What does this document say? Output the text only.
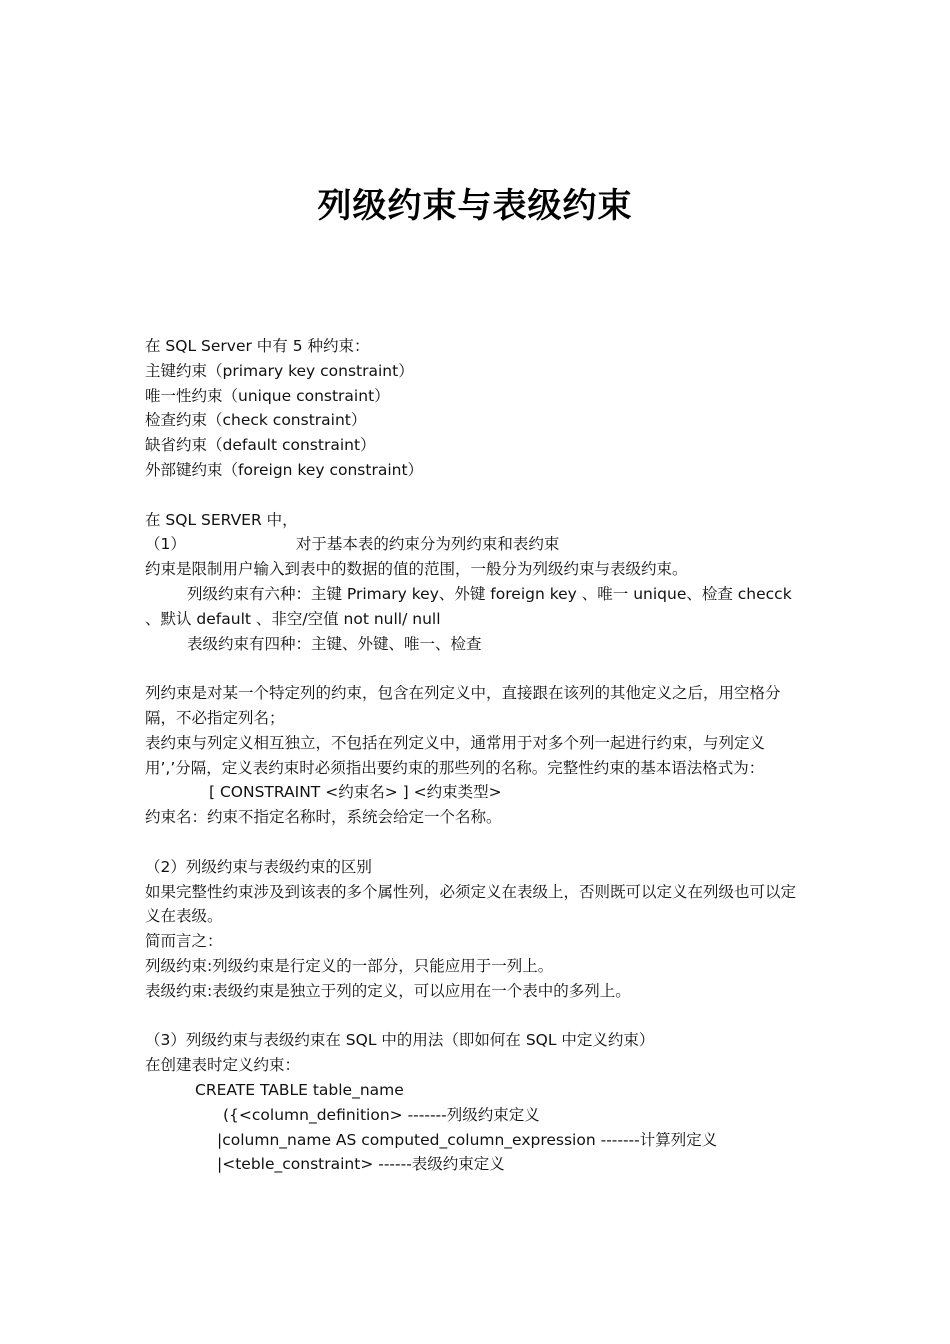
列级约束与表级约束

在 SQL Server 中有 5 种约束：

主键约束（primary key constraint）

唯一性约束（unique constraint）

检查约束（check constraint）

缺省约束（default constraint）

外部键约束（foreign key constraint）

在 SQL SERVER 中，

（1）	对于基本表的约束分为列约束和表约束

约束是限制用户输入到表中的数据的值的范围，一般分为列级约束与表级约束。

列级约束有六种：主键 Primary key、外键 foreign key 、唯一 unique、检查 checck

、默认 default 、非空/空值 not null/ null

表级约束有四种：主键、外键、唯一、检查

列约束是对某一个特定列的约束，包含在列定义中，直接跟在该列的其他定义之后，用空格分隔，不必指定列名；

表约束与列定义相互独立，不包括在列定义中，通常用于对多个列一起进行约束，与列定义用’,’分隔，定义表约束时必须指出要约束的那些列的名称。完整性约束的基本语法格式为：

[ CONSTRAINT <约束名> ] <约束类型>

约束名：约束不指定名称时，系统会给定一个名称。

（2）列级约束与表级约束的区别

如果完整性约束涉及到该表的多个属性列，必须定义在表级上，否则既可以定义在列级也可以定义在表级。

简而言之：

列级约束:列级约束是行定义的一部分，只能应用于一列上。

表级约束:表级约束是独立于列的定义，可以应用在一个表中的多列上。

（3）列级约束与表级约束在 SQL 中的用法（即如何在 SQL 中定义约束）

在创建表时定义约束：

CREATE TABLE table_name

({<column_definition> -------列级约束定义

|column_name AS computed_column_expression -------计算列定义

|<teble_constraint> ------表级约束定义
